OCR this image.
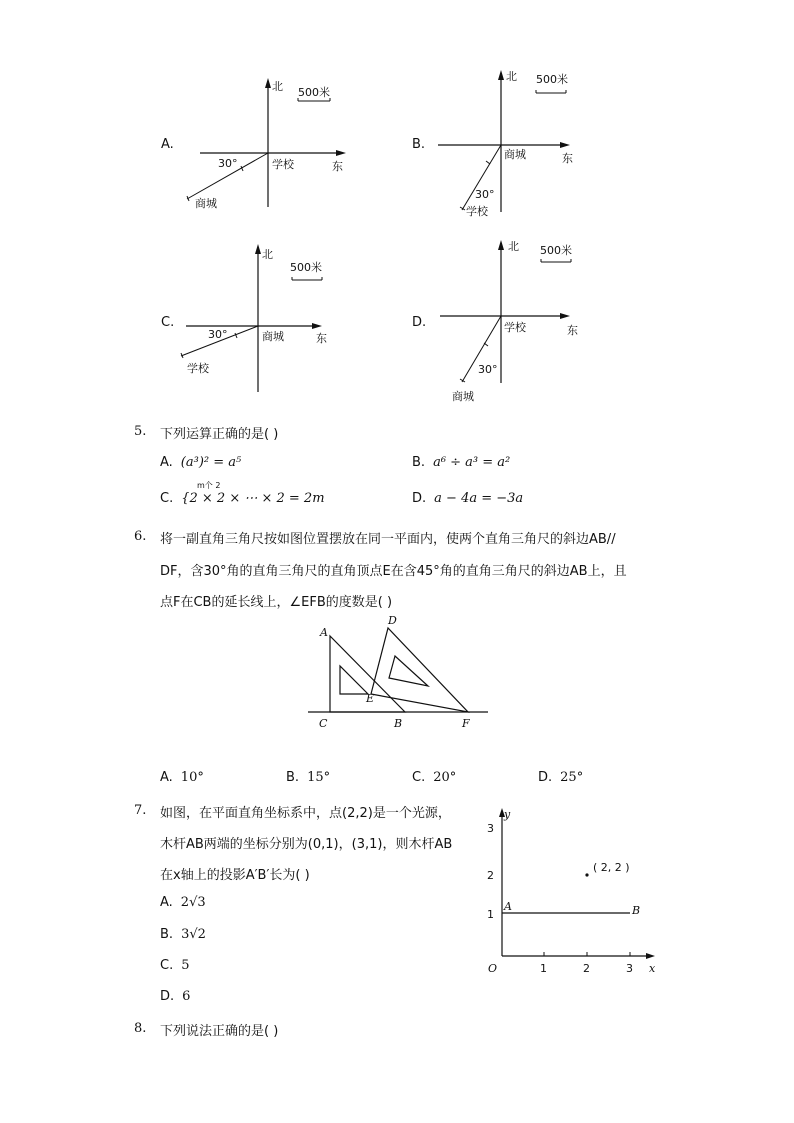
A.
北 500米
30°	学校	东
商城
B.
北 500米
商城	东
30°
学校
C.
北
500米
30°	商城	东
学校
D.
北 500米
学校	东
30°
商城
5. 下列运算正确的是( )
A. (a³)² = a⁵	B. a⁶ ÷ a³ = a²
C. {2 × 2 × ⋯ × 2 = 2m
m个 2
D. a − 4a = −3a
6. 将一副直角三角尺按如图位置摆放在同一平面内，使两个直角三角尺的斜边AB//
DF，含30°角的直角三角尺的直角顶点E在含45°角的直角三角尺的斜边AB上，且
点F在CB的延长线上，∠EFB的度数是( )
A
D
E
C	B	F
A. 10°	B. 15°	C. 20°	D. 25°
7. 如图，在平面直角坐标系中，点(2,2)是一个光源，
木杆AB两端的坐标分别为(0,1)，(3,1)，则木杆AB
在x轴上的投影A′B′长为( )
A. 2√3
B. 3√2
C. 5
D. 6
O	x
y
1	2	3
1
2
3
A	B
( 2, 2 )
8. 下列说法正确的是( )
